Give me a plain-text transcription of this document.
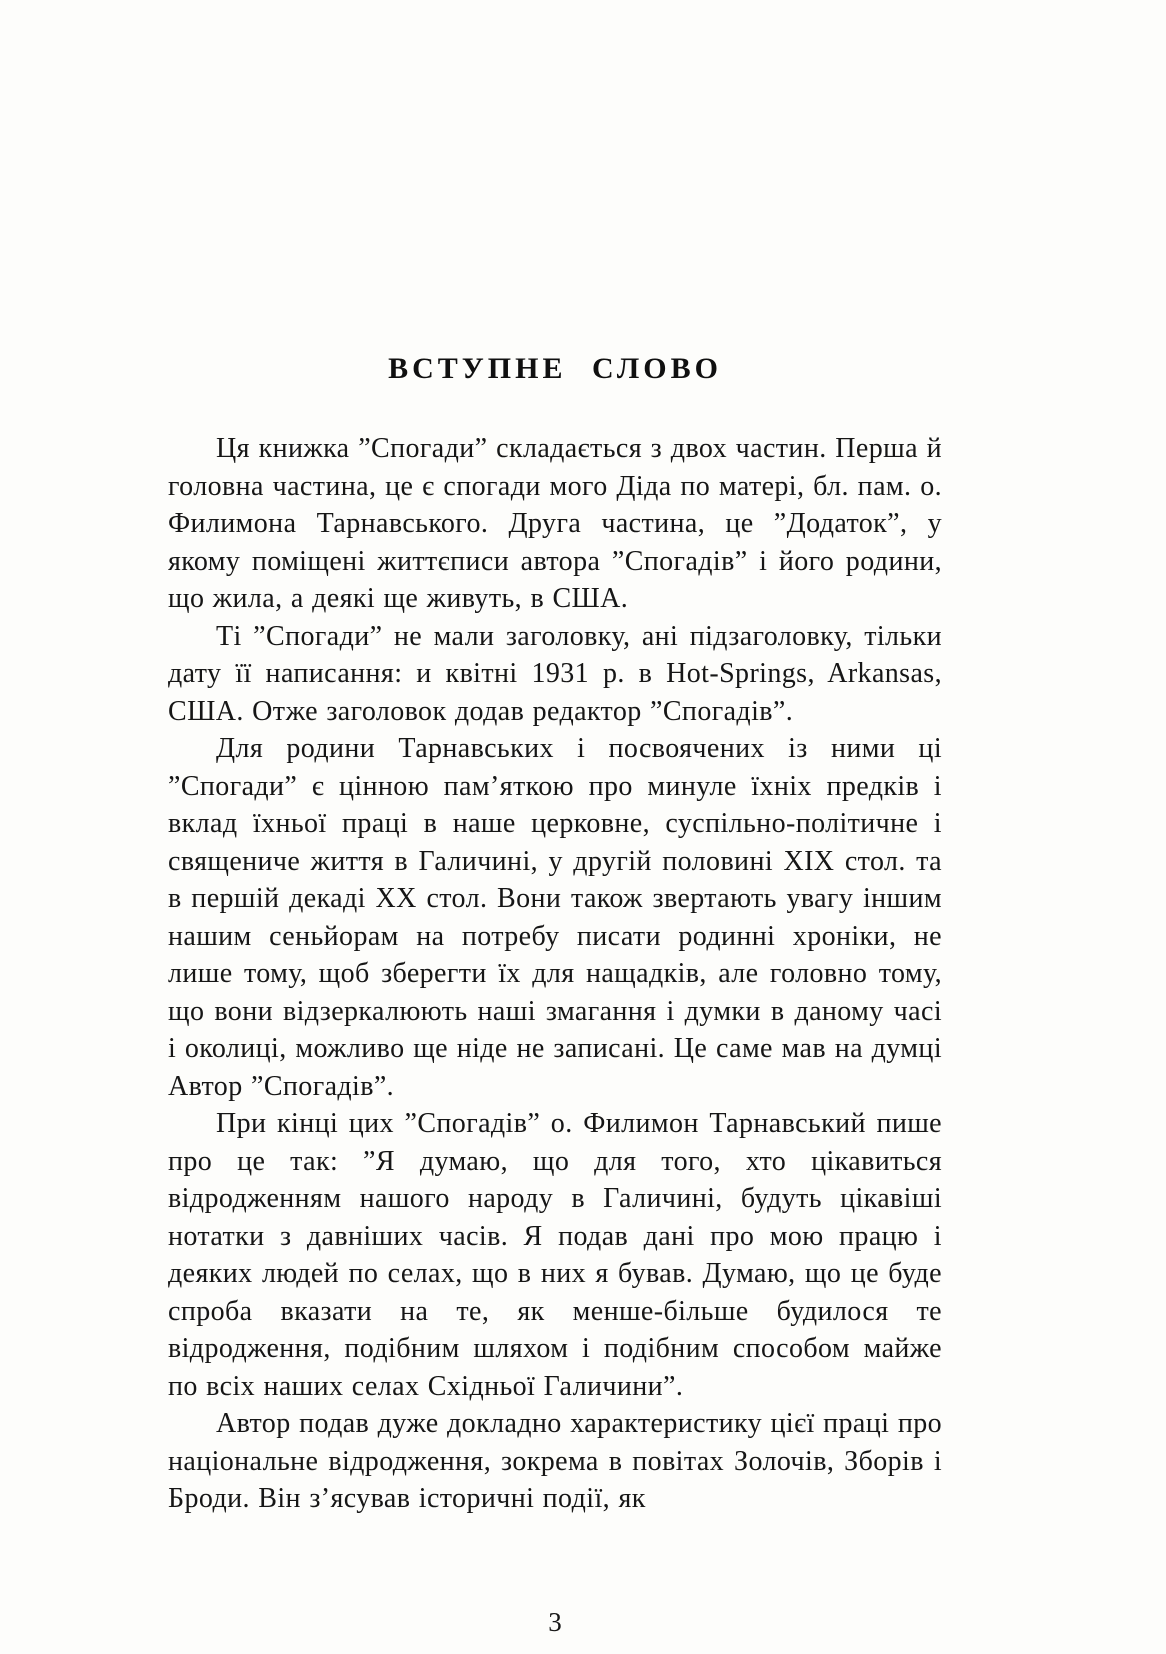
ВСТУПНЕ СЛОВО

Ця книжка ”Спогади” складається з двох частин. Перша й головна частина, це є спогади мого Діда по матері, бл. пам. о. Филимона Тарнавського. Друга частина, це ”Додаток”, у якому поміщені життєписи автора ”Спогадів” і його родини, що жила, а деякі ще живуть, в США.

Ті ”Спогади” не мали заголовку, ані підзаголовку, тільки дату її написання: и квітні 1931 р. в Hot-Springs, Arkansas, США. Отже заголовок додав редактор ”Спогадів”.

Для родини Тарнавських і посвоячених із ними ці ”Спогади” є цінною пам’яткою про минуле їхніх предків і вклад їхньої праці в наше церковне, суспільно-політичне і священиче життя в Галичині, у другій половині XIX стол. та в першій декаді XX стол. Вони також звертають увагу іншим нашим сеньйорам на потребу писати родинні хроніки, не лише тому, щоб зберегти їх для нащадків, але головно тому, що вони відзеркалюють наші змагання і думки в даному часі і околиці, можливо ще ніде не записані. Це саме мав на думці Автор ”Спогадів”.

При кінці цих ”Спогадів” о. Филимон Тарнавський пише про це так: ”Я думаю, що для того, хто цікавиться відродженням нашого народу в Галичині, будуть цікавіші нотатки з давніших часів. Я подав дані про мою працю і деяких людей по селах, що в них я бував. Думаю, що це буде спроба вказати на те, як менше-більше будилося те відродження, подібним шляхом і подібним способом майже по всіх наших селах Східньої Галичини”.

Автор подав дуже докладно характеристику цієї праці про національне відродження, зокрема в повітах Золочів, Зборів і Броди. Він з’ясував історичні події, як

3
